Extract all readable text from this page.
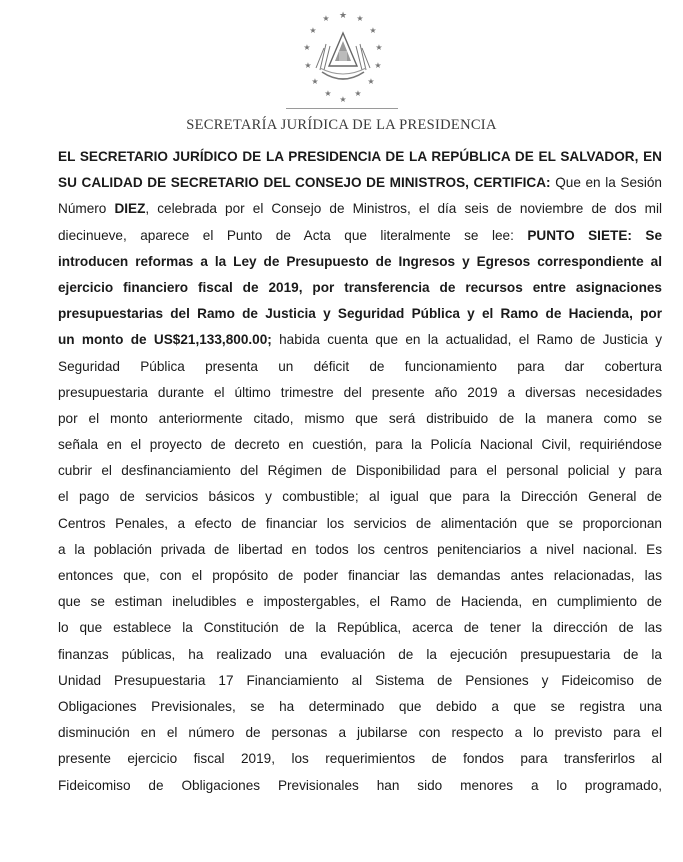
★
★	★
★	★
★	★
★	★
★	★
★	★
★
SECRETARÍA JURÍDICA DE LA PRESIDENCIA
EL SECRETARIO JURÍDICO DE LA PRESIDENCIA DE LA REPÚBLICA DE EL SALVADOR, EN
SU CALIDAD DE SECRETARIO DEL CONSEJO DE MINISTROS, CERTIFICA: Que en la Sesión
Número DIEZ, celebrada por el Consejo de Ministros, el día seis de noviembre de dos mil
diecinueve, aparece el Punto de Acta que literalmente se lee: PUNTO SIETE: Se
introducen reformas a la Ley de Presupuesto de Ingresos y Egresos correspondiente al
ejercicio financiero fiscal de 2019, por transferencia de recursos entre asignaciones
presupuestarias del Ramo de Justicia y Seguridad Pública y el Ramo de Hacienda, por
un monto de US$21,133,800.00; habida cuenta que en la actualidad, el Ramo de Justicia y
Seguridad Pública presenta un déficit de funcionamiento para dar cobertura
presupuestaria durante el último trimestre del presente año 2019 a diversas necesidades
por el monto anteriormente citado, mismo que será distribuido de la manera como se
señala en el proyecto de decreto en cuestión, para la Policía Nacional Civil, requiriéndose
cubrir el desfinanciamiento del Régimen de Disponibilidad para el personal policial y para
el pago de servicios básicos y combustible; al igual que para la Dirección General de
Centros Penales, a efecto de financiar los servicios de alimentación que se proporcionan
a la población privada de libertad en todos los centros penitenciarios a nivel nacional. Es
entonces que, con el propósito de poder financiar las demandas antes relacionadas, las
que se estiman ineludibles e impostergables, el Ramo de Hacienda, en cumplimiento de
lo que establece la Constitución de la República, acerca de tener la dirección de las
finanzas públicas, ha realizado una evaluación de la ejecución presupuestaria de la
Unidad Presupuestaria 17 Financiamiento al Sistema de Pensiones y Fideicomiso de
Obligaciones Previsionales, se ha determinado que debido a que se registra una
disminución en el número de personas a jubilarse con respecto a lo previsto para el
presente ejercicio fiscal 2019, los requerimientos de fondos para transferirlos al
Fideicomiso de Obligaciones Previsionales han sido menores a lo programado,
